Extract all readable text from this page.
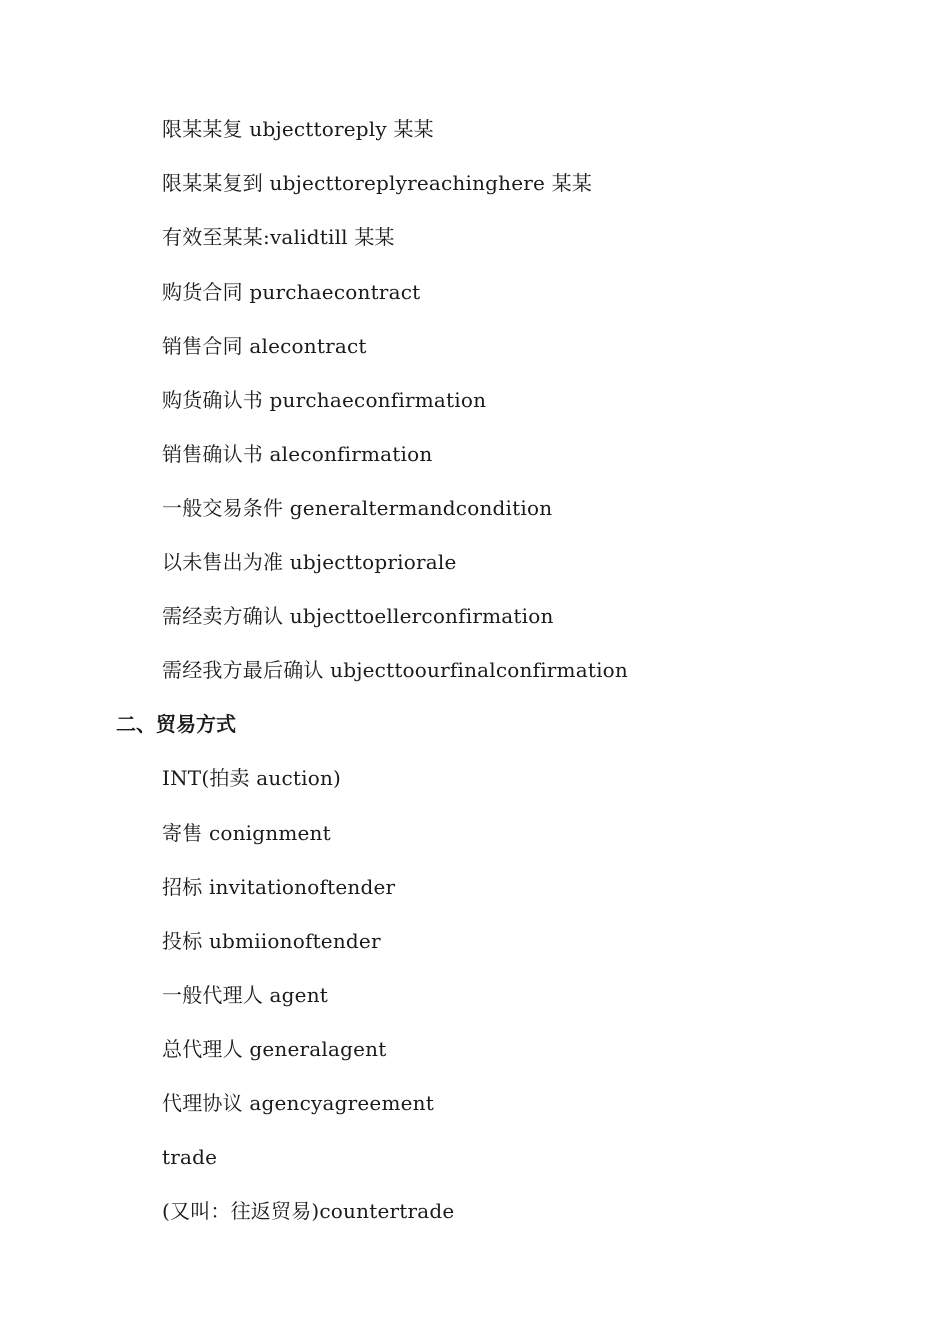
限某某复 ubjecttoreply 某某
限某某复到 ubjecttoreplyreachinghere 某某
有效至某某:validtill 某某
购货合同 purchaecontract
销售合同 alecontract
购货确认书 purchaeconfirmation
销售确认书 aleconfirmation
一般交易条件 generaltermandcondition
以未售出为准 ubjecttopriorale
需经卖方确认 ubjecttoellerconfirmation
需经我方最后确认 ubjecttoourfinalconfirmation
二、贸易方式
INT(拍卖 auction)
寄售 conignment
招标 invitationoftender
投标 ubmiionoftender
一般代理人 agent
总代理人 generalagent
代理协议 agencyagreement
trade
(又叫：往返贸易)countertrade
